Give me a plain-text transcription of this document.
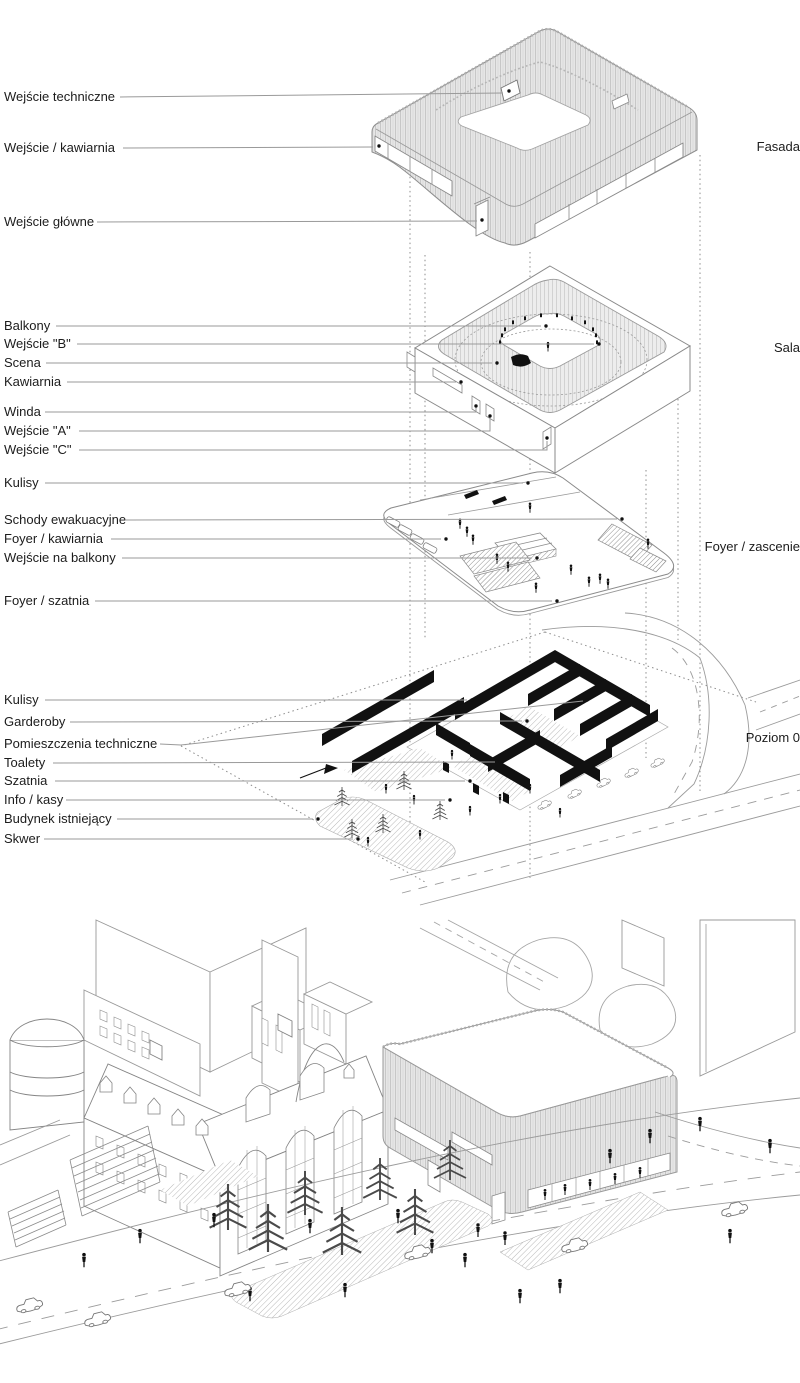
Wejście techniczne
Wejście / kawiarnia
Wejście główne
Balkony
Wejście "B"
Scena
Kawiarnia
Winda
Wejście "A"
Wejście "C"
Kulisy
Schody ewakuacyjne
Foyer / kawiarnia
Wejście na balkony
Foyer / szatnia
Kulisy
Garderoby
Pomieszczenia techniczne
Toalety
Szatnia
Info / kasy
Budynek istniejący
Skwer
Fasada
Sala
Foyer / zascenie
Poziom 0
